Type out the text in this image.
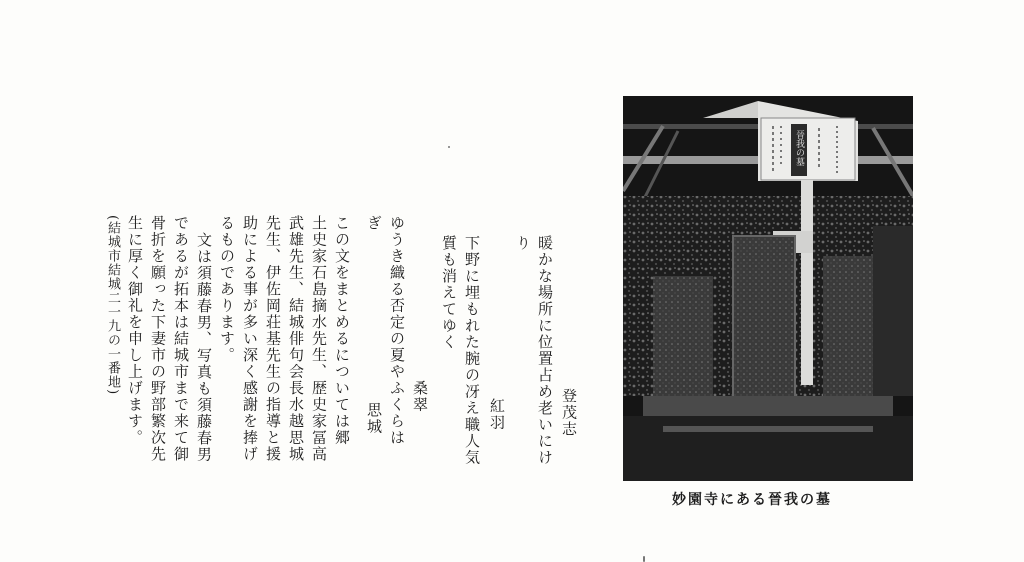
登茂志
暖かな場所に位置占め老いにけ
り
紅羽
下野に埋もれた腕の冴え職人気
質も消えてゆく
桑翠
ゆうき織る否定の夏やふくらは
思城
ぎ
この文をまとめるについては郷
土史家石島摘水先生、歴史家冨高
武雄先生、結城俳句会長水越思城
先生、伊佐岡荘基先生の指導と援
助による事が多い深く感謝を捧げ
るものであります。
文は須藤春男、写真も須藤春男
であるが拓本は結城市まで来て御
骨折を願った下妻市の野部繁次先
生に厚く御礼を申し上げます。
(結城市結城二一九の一番地)
晉我の墓
妙園寺にある晉我の墓
